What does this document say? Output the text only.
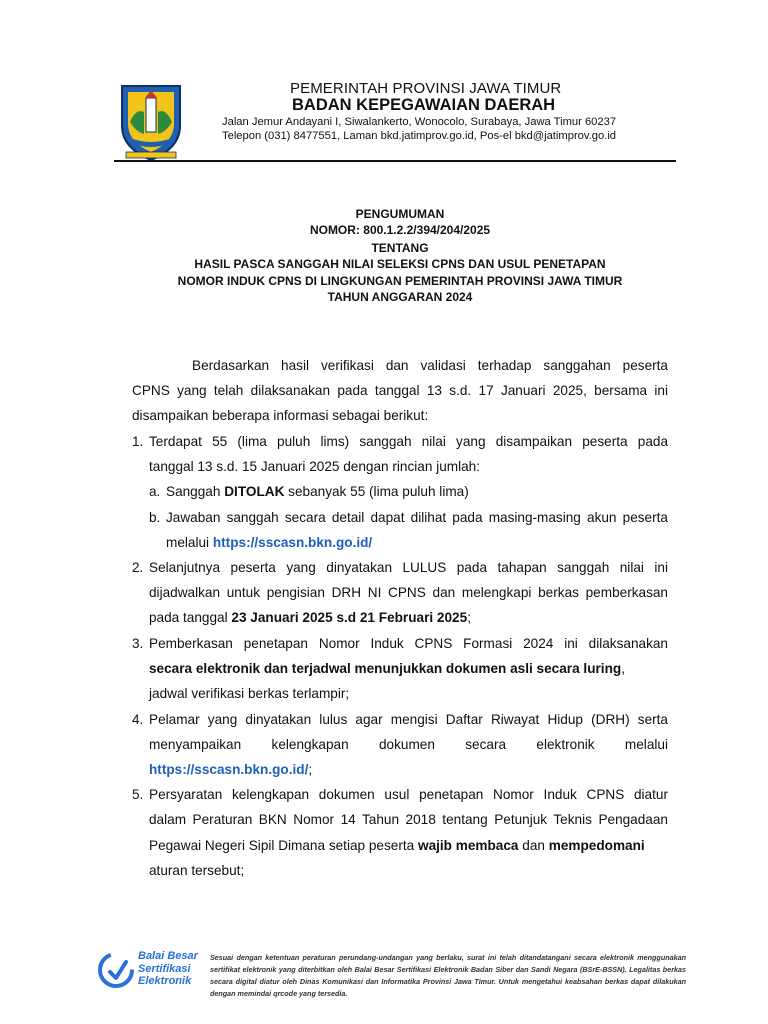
PEMERINTAH PROVINSI JAWA TIMUR
BADAN KEPEGAWAIAN DAERAH
Jalan Jemur Andayani I, Siwalankerto, Wonocolo, Surabaya, Jawa Timur 60237
Telepon (031) 8477551, Laman bkd.jatimprov.go.id, Pos-el bkd@jatimprov.go.id
PENGUMUMAN
NOMOR: 800.1.2.2/394/204/2025
TENTANG
HASIL PASCA SANGGAH NILAI SELEKSI CPNS DAN USUL PENETAPAN
NOMOR INDUK CPNS DI LINGKUNGAN PEMERINTAH PROVINSI JAWA TIMUR
TAHUN ANGGARAN 2024
Berdasarkan hasil verifikasi dan validasi terhadap sanggahan peserta
CPNS yang telah dilaksanakan pada tanggal 13 s.d. 17 Januari 2025, bersama ini
disampaikan beberapa informasi sebagai berikut:
1. Terdapat 55 (lima puluh lims) sanggah nilai yang disampaikan peserta pada
tanggal 13 s.d. 15 Januari 2025 dengan rincian jumlah:
a. Sanggah DITOLAK sebanyak 55 (lima puluh lima)
b. Jawaban sanggah secara detail dapat dilihat pada masing-masing akun peserta
melalui https://sscasn.bkn.go.id/
2. Selanjutnya peserta yang dinyatakan LULUS pada tahapan sanggah nilai ini
dijadwalkan untuk pengisian DRH NI CPNS dan melengkapi berkas pemberkasan
pada tanggal 23 Januari 2025 s.d 21 Februari 2025;
3. Pemberkasan penetapan Nomor Induk CPNS Formasi 2024 ini dilaksanakan
secara elektronik dan terjadwal menunjukkan dokumen asli secara luring,
jadwal verifikasi berkas terlampir;
4. Pelamar yang dinyatakan lulus agar mengisi Daftar Riwayat Hidup (DRH) serta
menyampaikan kelengkapan dokumen secara elektronik melalui
https://sscasn.bkn.go.id/;
5. Persyaratan kelengkapan dokumen usul penetapan Nomor Induk CPNS diatur
dalam Peraturan BKN Nomor 14 Tahun 2018 tentang Petunjuk Teknis Pengadaan
Pegawai Negeri Sipil Dimana setiap peserta wajib membaca dan mempedomani
aturan tersebut;
Balai Besar
Sertifikasi
Elektronik
Sesuai dengan ketentuan peraturan perundang-undangan yang berlaku, surat ini telah ditandatangani secara elektronik menggunakan sertifikat elektronik yang diterbitkan oleh Balai Besar Sertifikasi Elektronik Badan Siber dan Sandi Negara (BSrE-BSSN). Legalitas berkas secara digital diatur oleh Dinas Komunikasi dan Informatika Provinsi Jawa Timur. Untuk mengetahui keabsahan berkas dapat dilakukan dengan memindai qrcode yang tersedia.
